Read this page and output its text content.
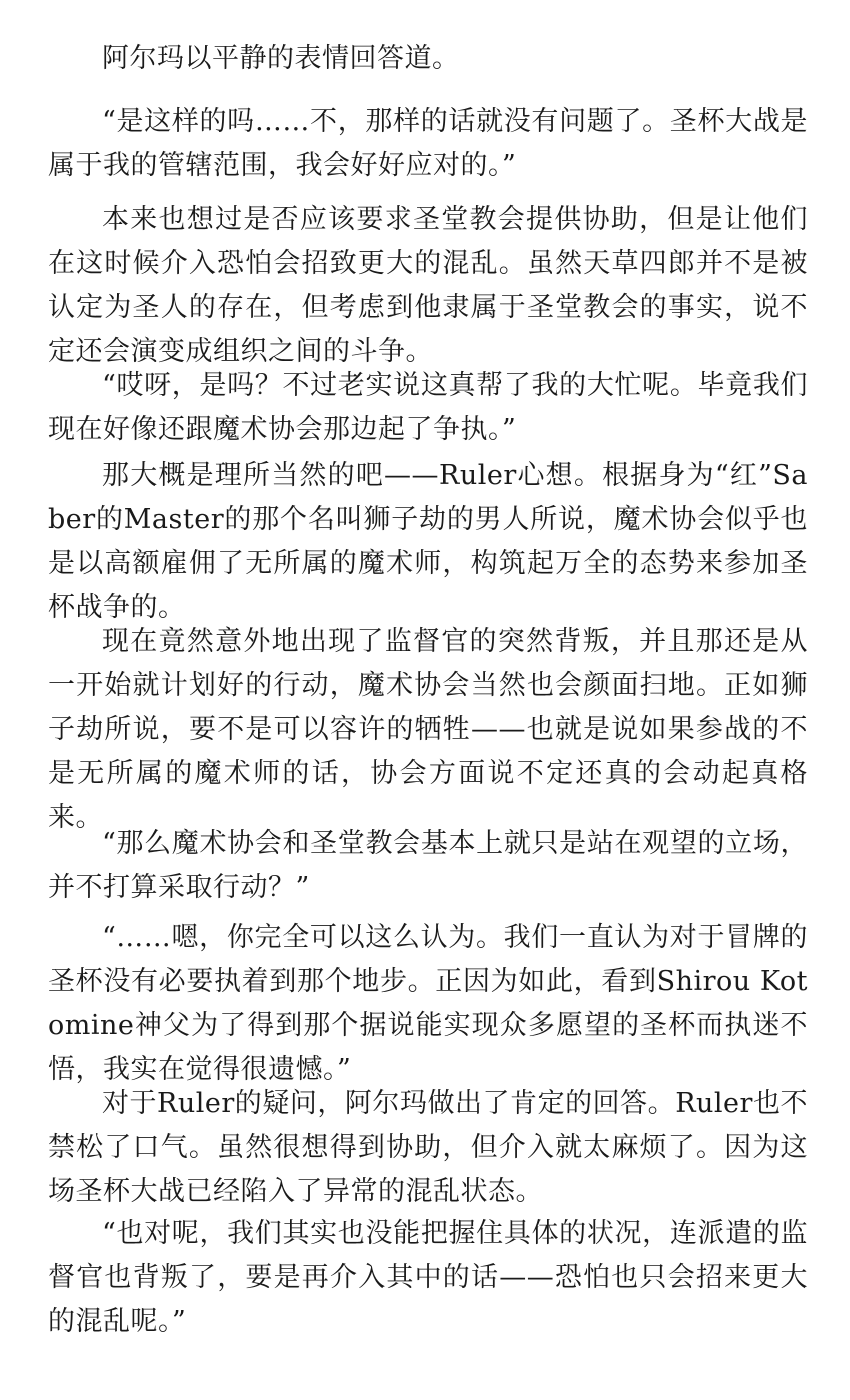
阿尔玛以平静的表情回答道。

“是这样的吗……不，那样的话就没有问题了。圣杯大战是属于我的管辖范围，我会好好应对的。”

本来也想过是否应该要求圣堂教会提供协助，但是让他们在这时候介入恐怕会招致更大的混乱。虽然天草四郎并不是被认定为圣人的存在，但考虑到他隶属于圣堂教会的事实，说不定还会演变成组织之间的斗争。

“哎呀，是吗？不过老实说这真帮了我的大忙呢。毕竟我们现在好像还跟魔术协会那边起了争执。”

那大概是理所当然的吧——Ruler心想。根据身为“红”Saber的Master的那个名叫狮子劫的男人所说，魔术协会似乎也是以高额雇佣了无所属的魔术师，构筑起万全的态势来参加圣杯战争的。

现在竟然意外地出现了监督官的突然背叛，并且那还是从一开始就计划好的行动，魔术协会当然也会颜面扫地。正如狮子劫所说，要不是可以容许的牺牲——也就是说如果参战的不是无所属的魔术师的话，协会方面说不定还真的会动起真格来。

“那么魔术协会和圣堂教会基本上就只是站在观望的立场，并不打算采取行动？”

“……嗯，你完全可以这么认为。我们一直认为对于冒牌的圣杯没有必要执着到那个地步。正因为如此，看到Shirou Kotomine神父为了得到那个据说能实现众多愿望的圣杯而执迷不悟，我实在觉得很遗憾。”

对于Ruler的疑问，阿尔玛做出了肯定的回答。Ruler也不禁松了口气。虽然很想得到协助，但介入就太麻烦了。因为这场圣杯大战已经陷入了异常的混乱状态。

“也对呢，我们其实也没能把握住具体的状况，连派遣的监督官也背叛了，要是再介入其中的话——恐怕也只会招来更大的混乱呢。”
